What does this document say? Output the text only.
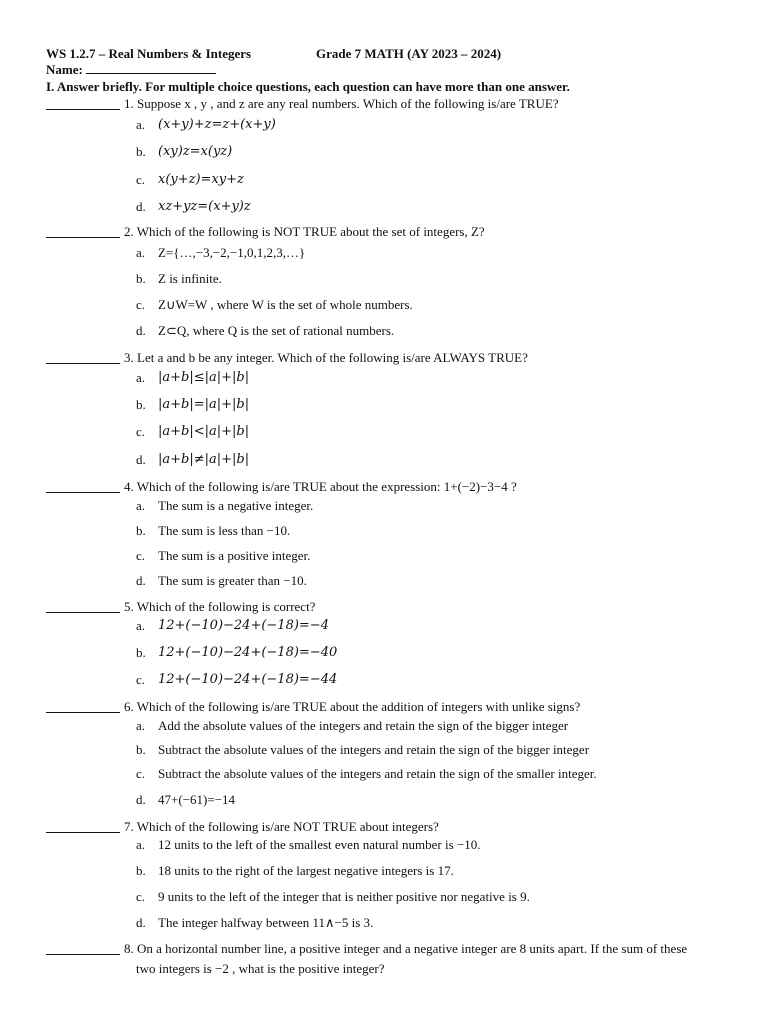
WS 1.2.7 – Real Numbers & Integers	Grade 7 MATH (AY 2023 – 2024)
Name:
I. Answer briefly. For multiple choice questions, each question can have more than one answer.
1. Suppose x , y , and z are any real numbers. Which of the following is/are TRUE?
a. (x+y)+z=z+(x+y)
b. (xy)z=x(yz)
c. x(y+z)=xy+z
d. xz+yz=(x+y)z
2. Which of the following is NOT TRUE about the set of integers, Z?
a. Z={…,−3,−2,−1,0,1,2,3,…}
b. Z is infinite.
c. Z∪W=W , where W is the set of whole numbers.
d. Z⊂Q, where Q is the set of rational numbers.
3. Let a and b be any integer. Which of the following is/are ALWAYS TRUE?
a. |a+b|≤|a|+|b|
b. |a+b|=|a|+|b|
c. |a+b|<|a|+|b|
d. |a+b|≠|a|+|b|
4. Which of the following is/are TRUE about the expression: 1+(−2)−3−4 ?
a. The sum is a negative integer.
b. The sum is less than −10.
c. The sum is a positive integer.
d. The sum is greater than −10.
5. Which of the following is correct?
a. 12+(−10)−24+(−18)=−4
b. 12+(−10)−24+(−18)=−40
c. 12+(−10)−24+(−18)=−44
6. Which of the following is/are TRUE about the addition of integers with unlike signs?
a. Add the absolute values of the integers and retain the sign of the bigger integer
b. Subtract the absolute values of the integers and retain the sign of the bigger integer
c. Subtract the absolute values of the integers and retain the sign of the smaller integer.
d. 47+(−61)=−14
7. Which of the following is/are NOT TRUE about integers?
a. 12 units to the left of the smallest even natural number is −10.
b. 18 units to the right of the largest negative integers is 17.
c. 9 units to the left of the integer that is neither positive nor negative is 9.
d. The integer halfway between 11∧−5 is 3.
8. On a horizontal number line, a positive integer and a negative integer are 8 units apart. If the sum of these
two integers is −2 , what is the positive integer?
